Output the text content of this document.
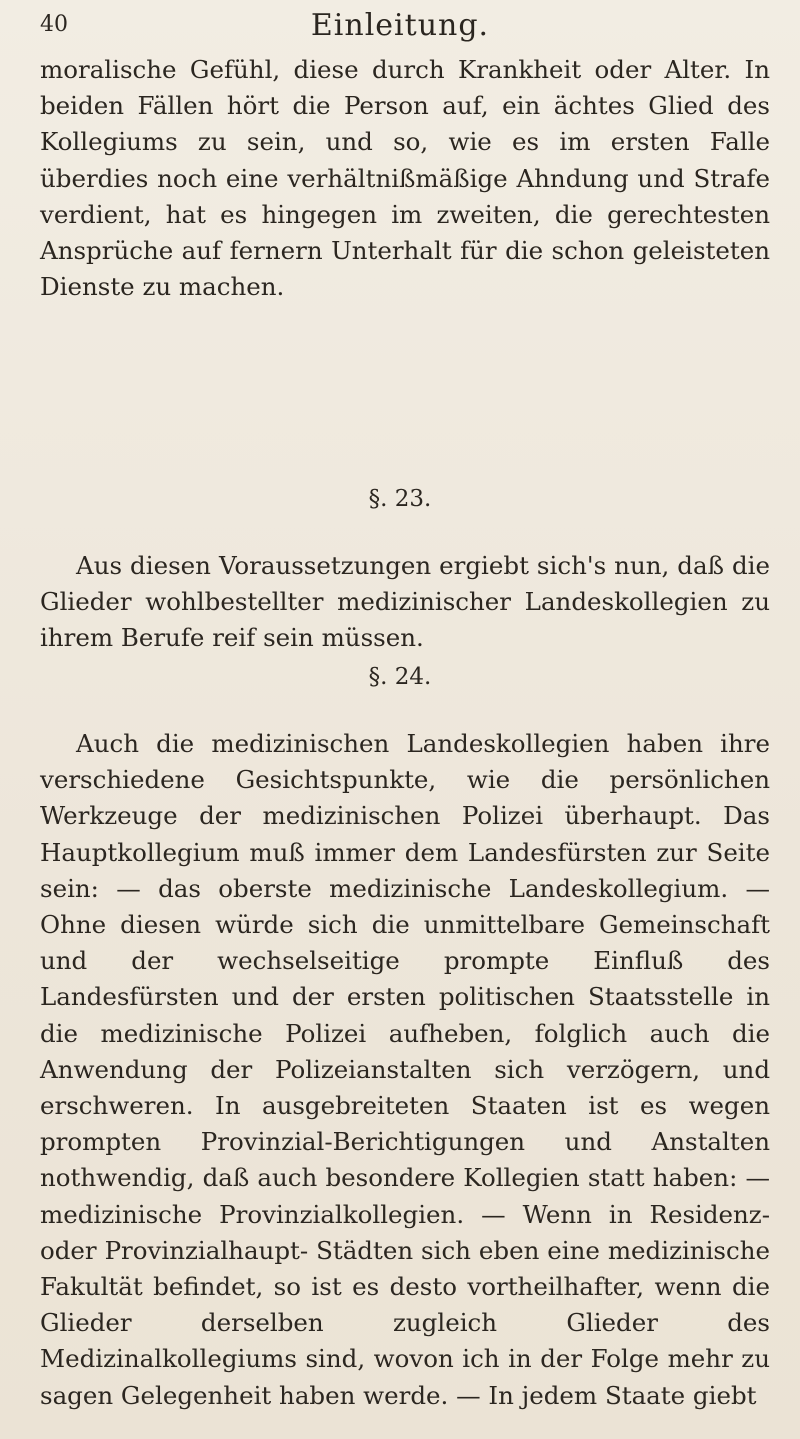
40	Einleitung.
moralische Gefühl, diese durch Krankheit oder Alter. In beiden Fällen hört die Person auf, ein ächtes Glied des Kollegiums zu sein, und so, wie es im ersten Falle überdies noch eine verhältnißmäßige Ahndung und Strafe verdient, hat es hingegen im zweiten, die gerechtesten Ansprüche auf fernern Unterhalt für die schon geleisteten Dienste zu machen.
§. 23.
Aus diesen Voraussetzungen ergiebt sich's nun, daß die Glieder wohlbestellter medizinischer Landeskollegien zu ihrem Berufe reif sein müssen.
§. 24.
Auch die medizinischen Landeskollegien haben ihre verschiedene Gesichtspunkte, wie die persönlichen Werkzeuge der medizinischen Polizei überhaupt. Das Hauptkollegium muß immer dem Landesfürsten zur Seite sein: — das oberste medizinische Landeskollegium. — Ohne diesen würde sich die unmittelbare Gemeinschaft und der wechselseitige prompte Einfluß des Landesfürsten und der ersten politischen Staatsstelle in die medizinische Polizei aufheben, folglich auch die Anwendung der Polizeianstalten sich verzögern, und erschweren. In ausgebreiteten Staaten ist es wegen prompten Provinzial-Berichtigungen und Anstalten nothwendig, daß auch besondere Kollegien statt haben: — medizinische Provinzialkollegien. — Wenn in Residenz- oder Provinzialhaupt- Städten sich eben eine medizinische Fakultät befindet, so ist es desto vortheilhafter, wenn die Glieder derselben zugleich Glieder des Medizinalkollegiums sind, wovon ich in der Folge mehr zu sagen Gelegenheit haben werde. — In jedem Staate giebt
